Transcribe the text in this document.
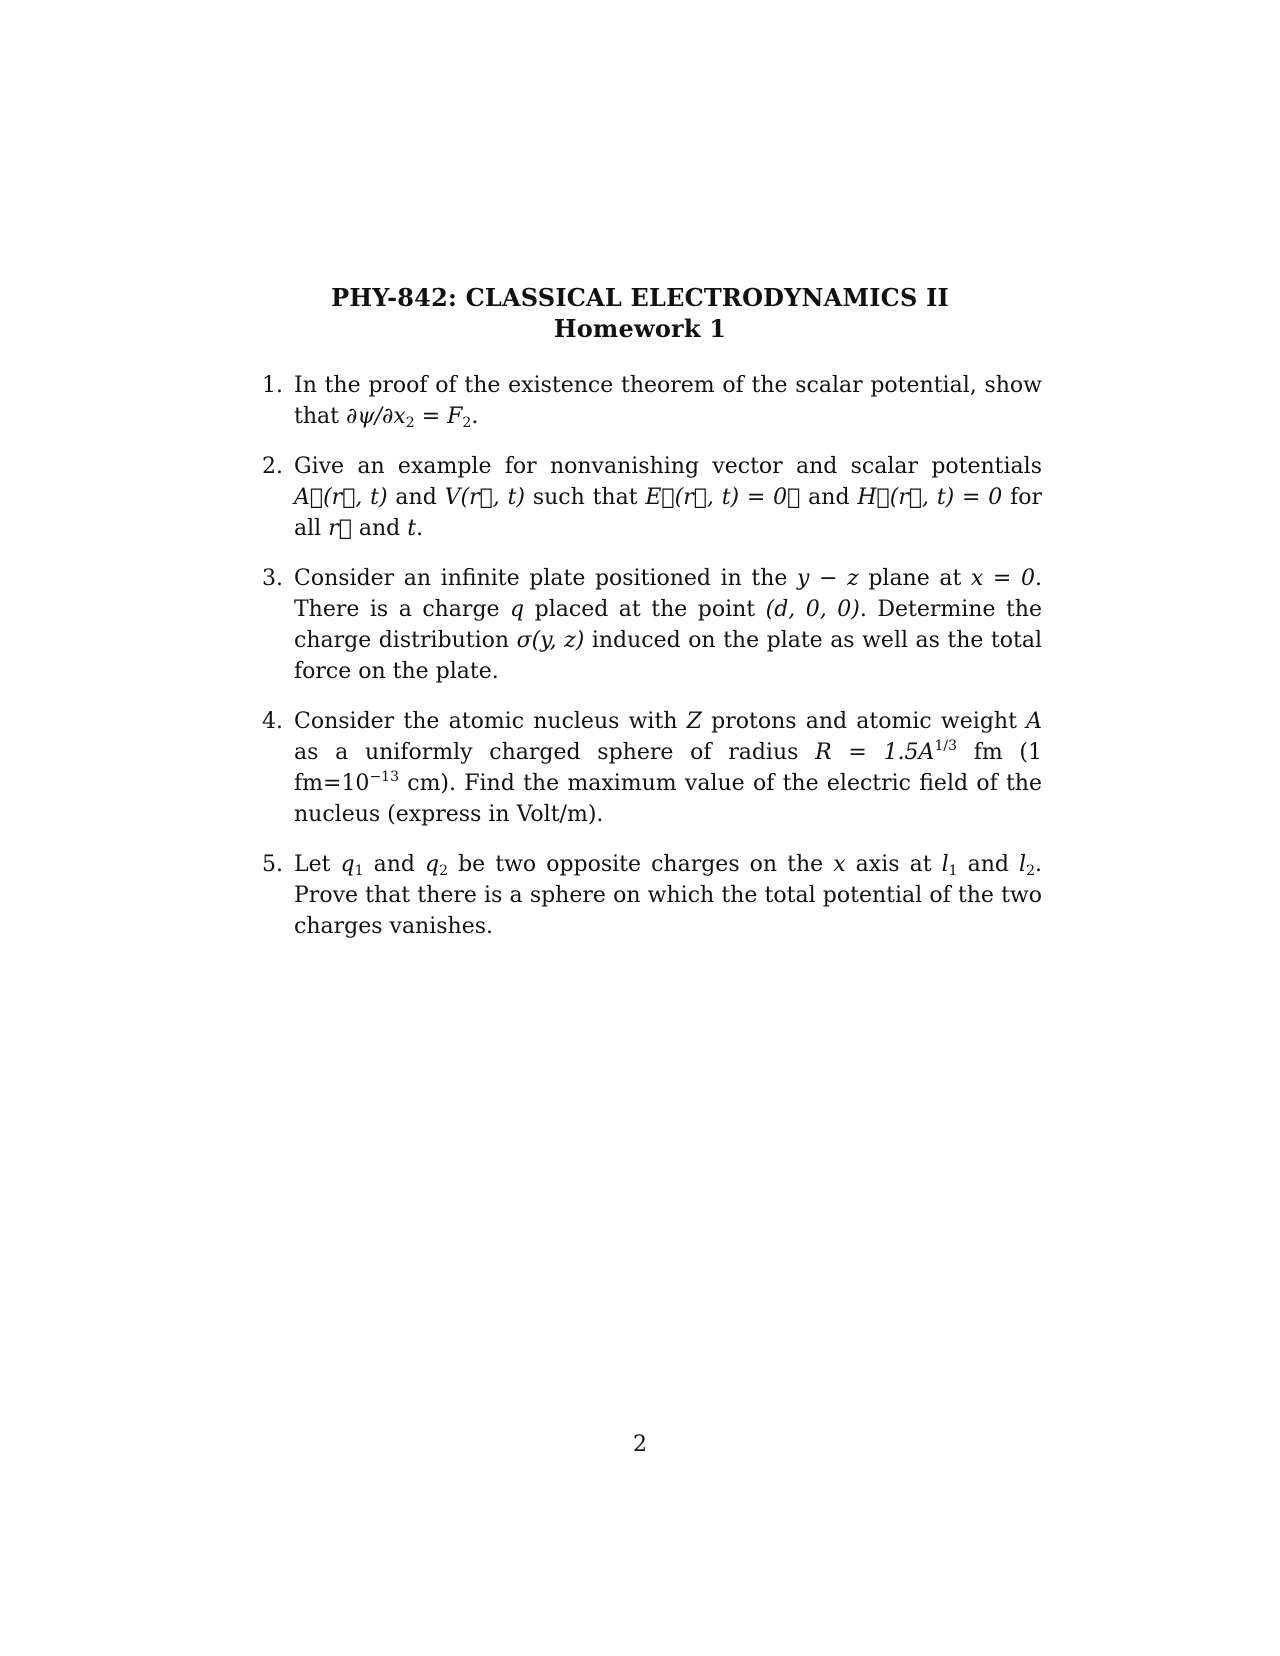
PHY-842: CLASSICAL ELECTRODYNAMICS II
Homework 1
1. In the proof of the existence theorem of the scalar potential, show that $\partial\psi/\partial x_2 = F_2$.
2. Give an example for nonvanishing vector and scalar potentials A⃗(r⃗, t) and V(r⃗, t) such that E⃗(r⃗, t) = 0⃗ and H⃗(r⃗, t) = 0 for all r⃗ and t.
3. Consider an infinite plate positioned in the y − z plane at x = 0. There is a charge q placed at the point (d, 0, 0). Determine the charge distribution σ(y, z) induced on the plate as well as the total force on the plate.
4. Consider the atomic nucleus with Z protons and atomic weight A as a uniformly charged sphere of radius $R = 1.5A^{1/3}$ fm (1 $fm=10^{-13}$ cm). Find the maximum value of the electric field of the nucleus (express in Volt/m).
5. Let $q_1$ and $q_2$ be two opposite charges on the x axis at $l_1$ and $l_2$. Prove that there is a sphere on which the total potential of the two charges vanishes.
2
